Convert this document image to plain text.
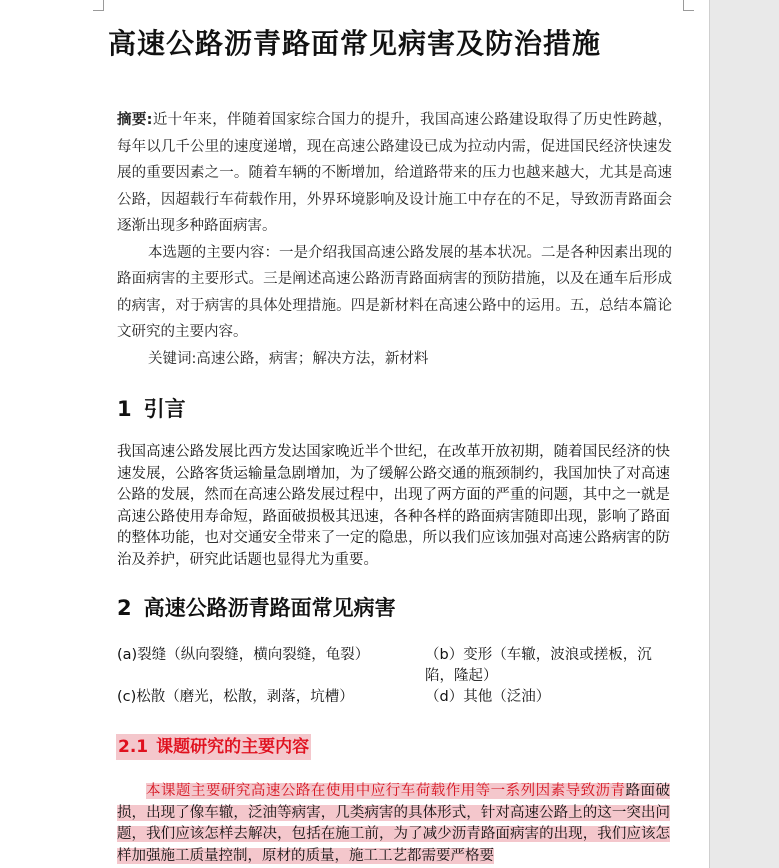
高速公路沥青路面常见病害及防治措施

摘要:近十年来，伴随着国家综合国力的提升，我国高速公路建设取得了历史性跨越，每年以几千公里的速度递增，现在高速公路建设已成为拉动内需，促进国民经济快速发展的重要因素之一。随着车辆的不断增加，给道路带来的压力也越来越大，尤其是高速公路，因超载行车荷载作用，外界环境影响及设计施工中存在的不足，导致沥青路面会逐渐出现多种路面病害。

本选题的主要内容：一是介绍我国高速公路发展的基本状况。二是各种因素出现的路面病害的主要形式。三是阐述高速公路沥青路面病害的预防措施，以及在通车后形成的病害，对于病害的具体处理措施。四是新材料在高速公路中的运用。五，总结本篇论文研究的主要内容。

关键词:高速公路，病害；解决方法，新材料

1 引言

我国高速公路发展比西方发达国家晚近半个世纪，在改革开放初期，随着国民经济的快速发展，公路客货运输量急剧增加，为了缓解公路交通的瓶颈制约，我国加快了对高速公路的发展，然而在高速公路发展过程中，出现了两方面的严重的问题，其中之一就是高速公路使用寿命短，路面破损极其迅速，各种各样的路面病害随即出现，影响了路面的整体功能，也对交通安全带来了一定的隐患，所以我们应该加强对高速公路病害的防治及养护，研究此话题也显得尤为重要。

2 高速公路沥青路面常见病害
(a)裂缝（纵向裂缝，横向裂缝，龟裂）	（b）变形（车辙，波浪或搓板，沉陷，隆起）
(c)松散（磨光，松散，剥落，坑槽）	（d）其他（泛油）
2.1 课题研究的主要内容

本课题主要研究高速公路在使用中应行车荷载作用等一系列因素导致沥青路面破损，出现了像车辙，泛油等病害，几类病害的具体形式，针对高速公路上的这一突出问题，我们应该怎样去解决，包括在施工前，为了减少沥青路面病害的出现，我们应该怎样加强施工质量控制，原材的质量，施工工艺都需要严格要
